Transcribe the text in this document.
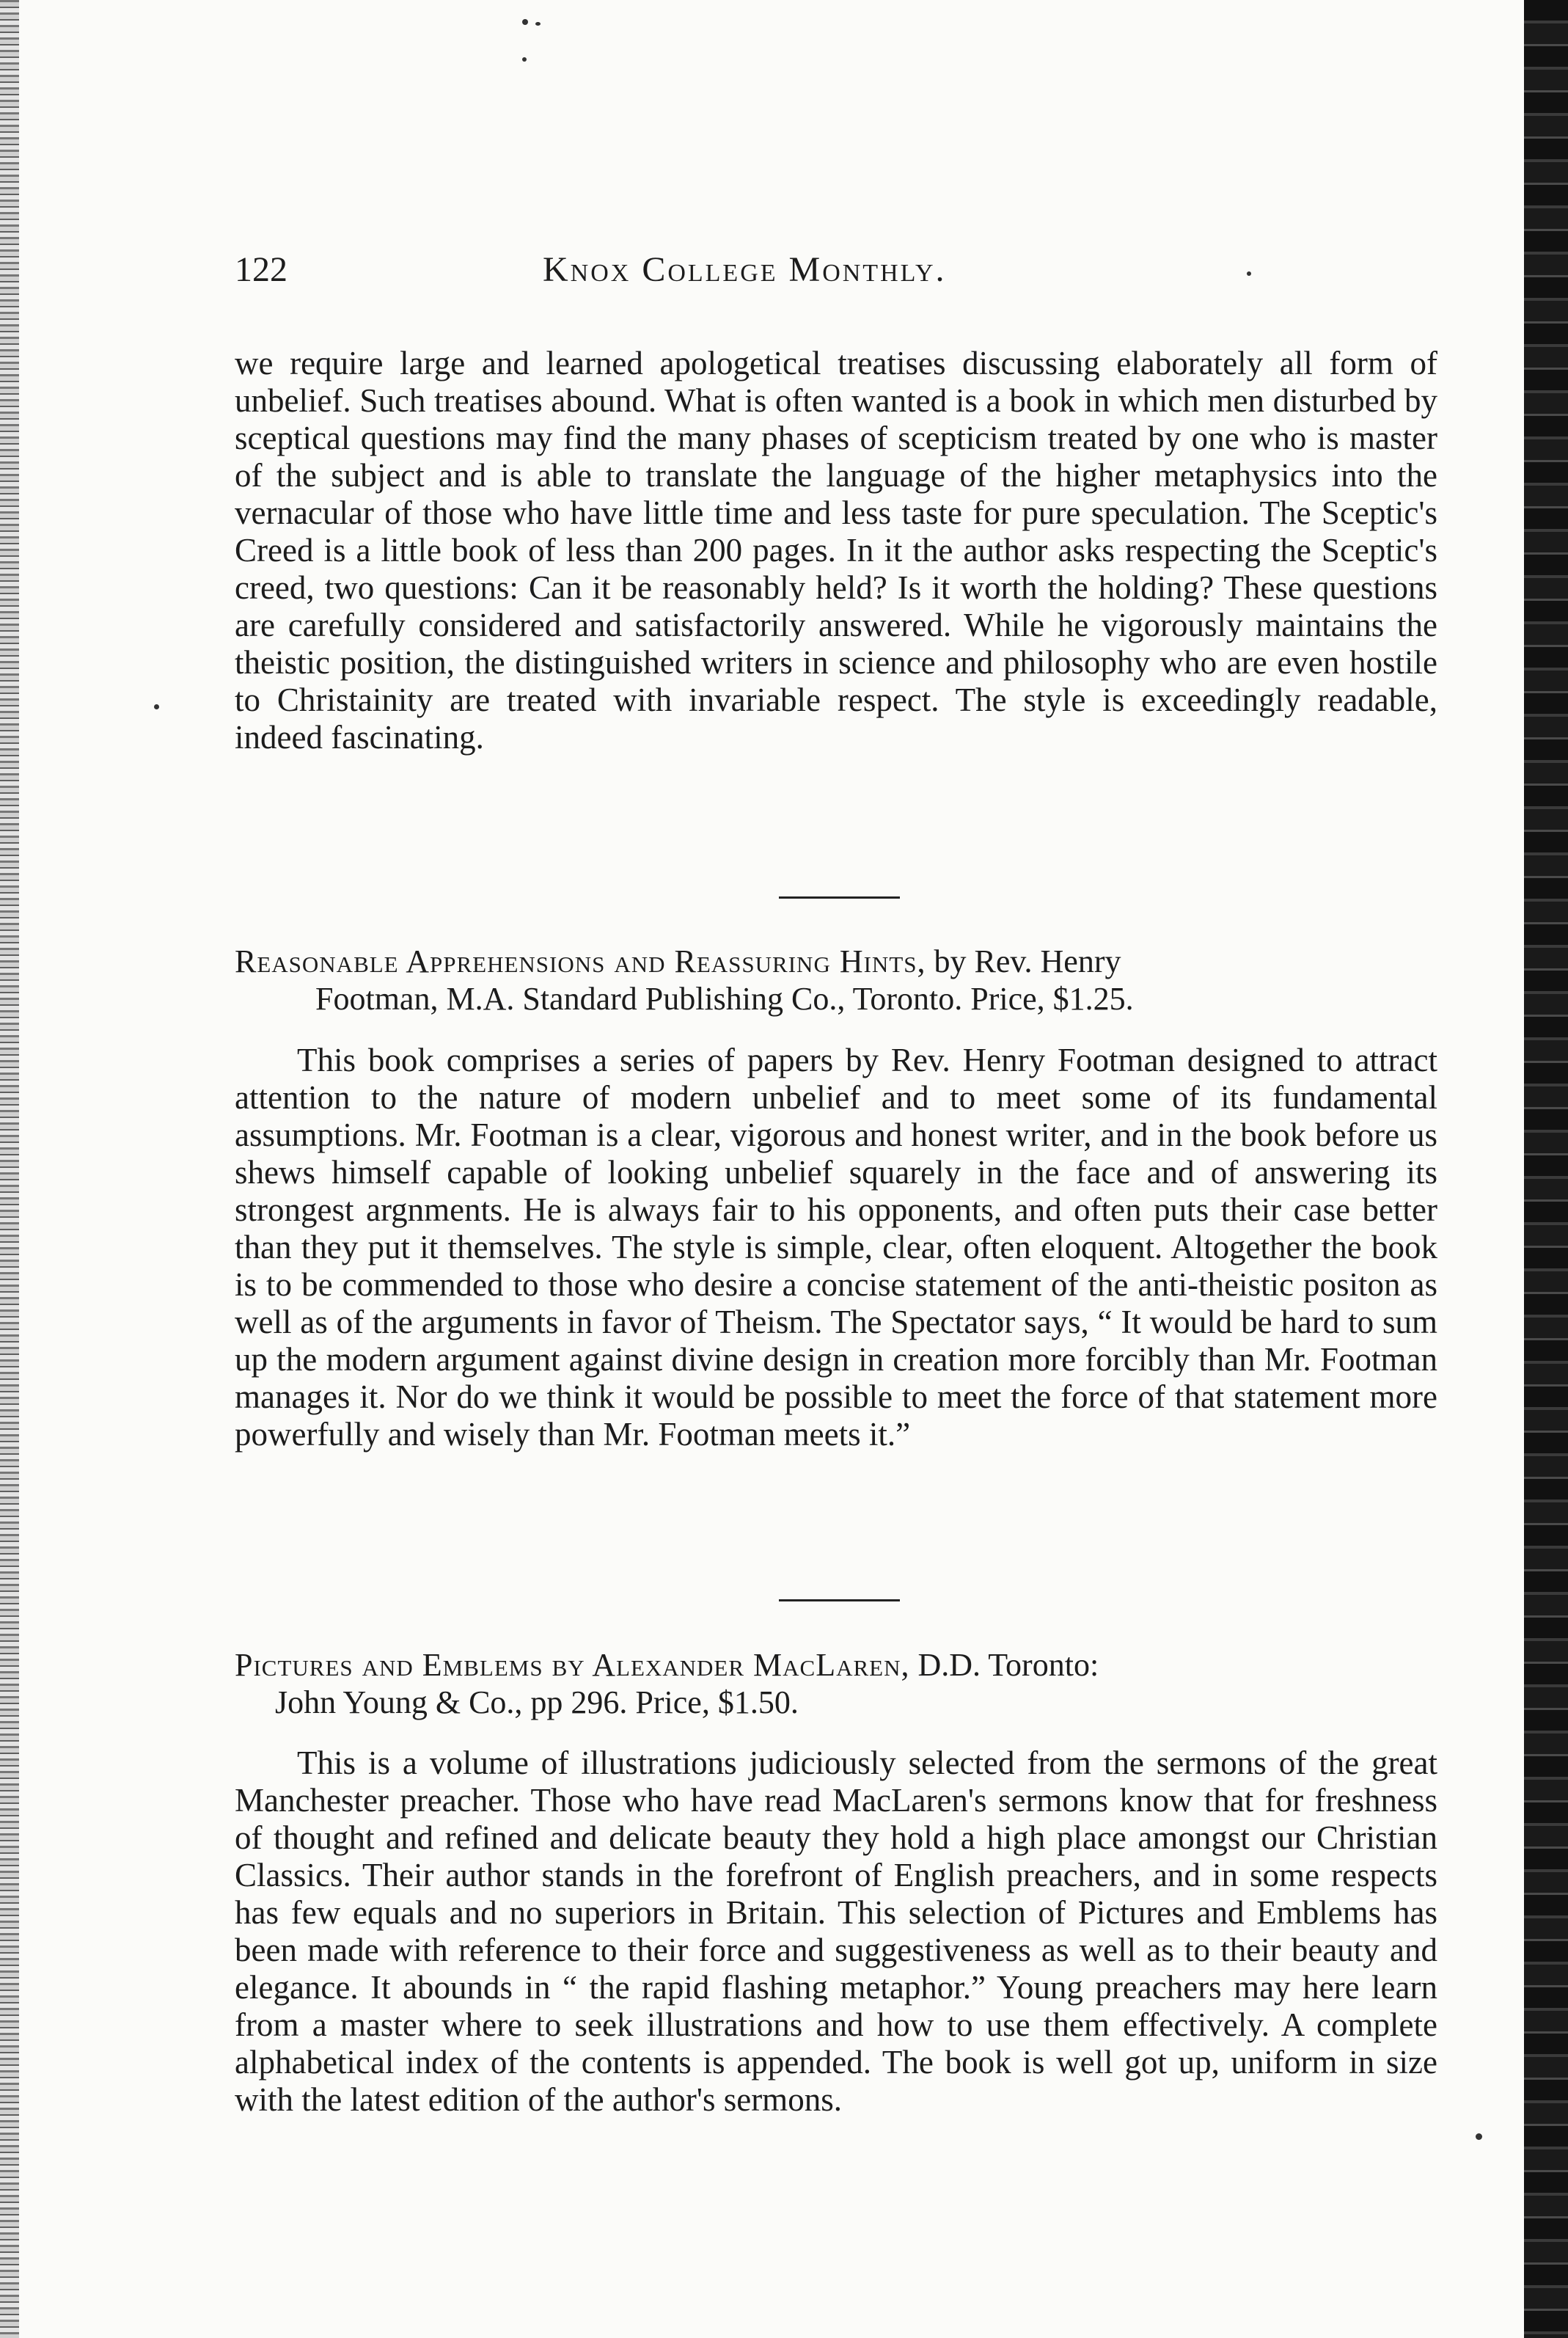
122	Knox College Monthly.

we require large and learned apologetical treatises discussing elaborately all form of unbelief. Such treatises abound. What is often wanted is a book in which men disturbed by sceptical questions may find the many phases of scepticism treated by one who is master of the subject and is able to translate the language of the higher metaphysics into the vernacular of those who have little time and less taste for pure speculation. The Sceptic's Creed is a little book of less than 200 pages. In it the author asks respecting the Sceptic's creed, two questions: Can it be reasonably held? Is it worth the holding? These questions are carefully considered and satisfactorily answered. While he vigorously maintains the theistic position, the distinguished writers in science and philosophy who are even hostile to Christainity are treated with invariable respect. The style is exceedingly readable, indeed fascinating.

Reasonable Apprehensions and Reassuring Hints, by Rev. Henry
Footman, M.A. Standard Publishing Co., Toronto. Price, $1.25.

This book comprises a series of papers by Rev. Henry Footman designed to attract attention to the nature of modern unbelief and to meet some of its fundamental assumptions. Mr. Footman is a clear, vigorous and honest writer, and in the book before us shews himself capable of looking unbelief squarely in the face and of answering its strongest argnments. He is always fair to his opponents, and often puts their case better than they put it themselves. The style is simple, clear, often eloquent. Altogether the book is to be commended to those who desire a concise statement of the anti-theistic positon as well as of the arguments in favor of Theism. The Spectator says, “ It would be hard to sum up the modern argument against divine design in creation more forcibly than Mr. Footman manages it. Nor do we think it would be possible to meet the force of that statement more powerfully and wisely than Mr. Footman meets it.”

Pictures and Emblems by Alexander MacLaren, D.D. Toronto:
John Young & Co., pp 296. Price, $1.50.

This is a volume of illustrations judiciously selected from the sermons of the great Manchester preacher. Those who have read MacLaren's sermons know that for freshness of thought and refined and delicate beauty they hold a high place amongst our Christian Classics. Their author stands in the forefront of English preachers, and in some respects has few equals and no superiors in Britain. This selection of Pictures and Emblems has been made with reference to their force and suggestiveness as well as to their beauty and elegance. It abounds in “ the rapid flashing metaphor.” Young preachers may here learn from a master where to seek illustrations and how to use them effectively. A complete alphabetical index of the contents is appended. The book is well got up, uniform in size with the latest edition of the author's sermons.
